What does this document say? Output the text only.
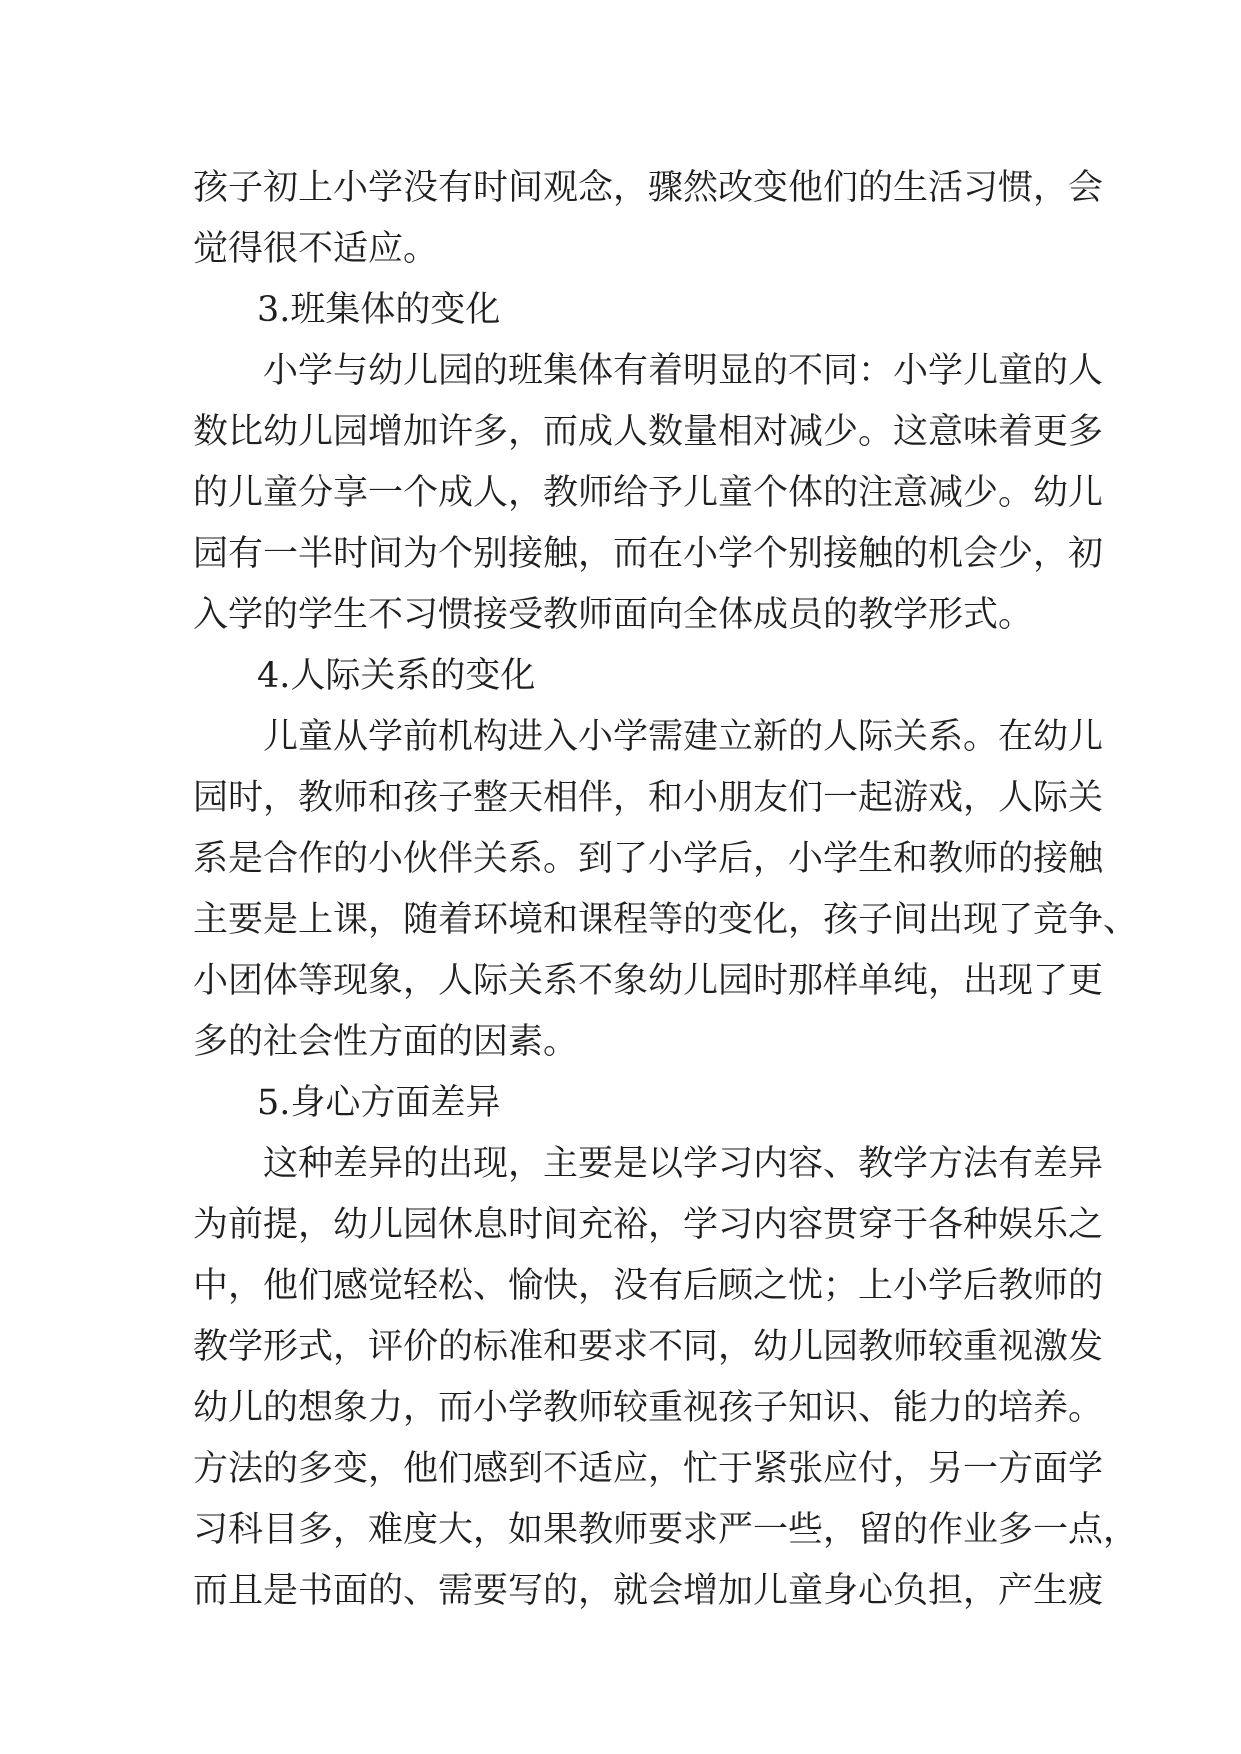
孩子初上小学没有时间观念，骤然改变他们的生活习惯，会
觉得很不适应。
3.班集体的变化
小学与幼儿园的班集体有着明显的不同：小学儿童的人
数比幼儿园增加许多，而成人数量相对减少。这意味着更多
的儿童分享一个成人，教师给予儿童个体的注意减少。幼儿
园有一半时间为个别接触，而在小学个别接触的机会少，初
入学的学生不习惯接受教师面向全体成员的教学形式。
4.人际关系的变化
儿童从学前机构进入小学需建立新的人际关系。在幼儿
园时，教师和孩子整天相伴，和小朋友们一起游戏，人际关
系是合作的小伙伴关系。到了小学后，小学生和教师的接触
主要是上课，随着环境和课程等的变化，孩子间出现了竞争、
小团体等现象，人际关系不象幼儿园时那样单纯，出现了更
多的社会性方面的因素。
5.身心方面差异
这种差异的出现，主要是以学习内容、教学方法有差异
为前提，幼儿园休息时间充裕，学习内容贯穿于各种娱乐之
中，他们感觉轻松、愉快，没有后顾之忧；上小学后教师的
教学形式，评价的标准和要求不同，幼儿园教师较重视激发
幼儿的想象力，而小学教师较重视孩子知识、能力的培养。
方法的多变，他们感到不适应，忙于紧张应付，另一方面学
习科目多，难度大，如果教师要求严一些，留的作业多一点，
而且是书面的、需要写的，就会增加儿童身心负担，产生疲
